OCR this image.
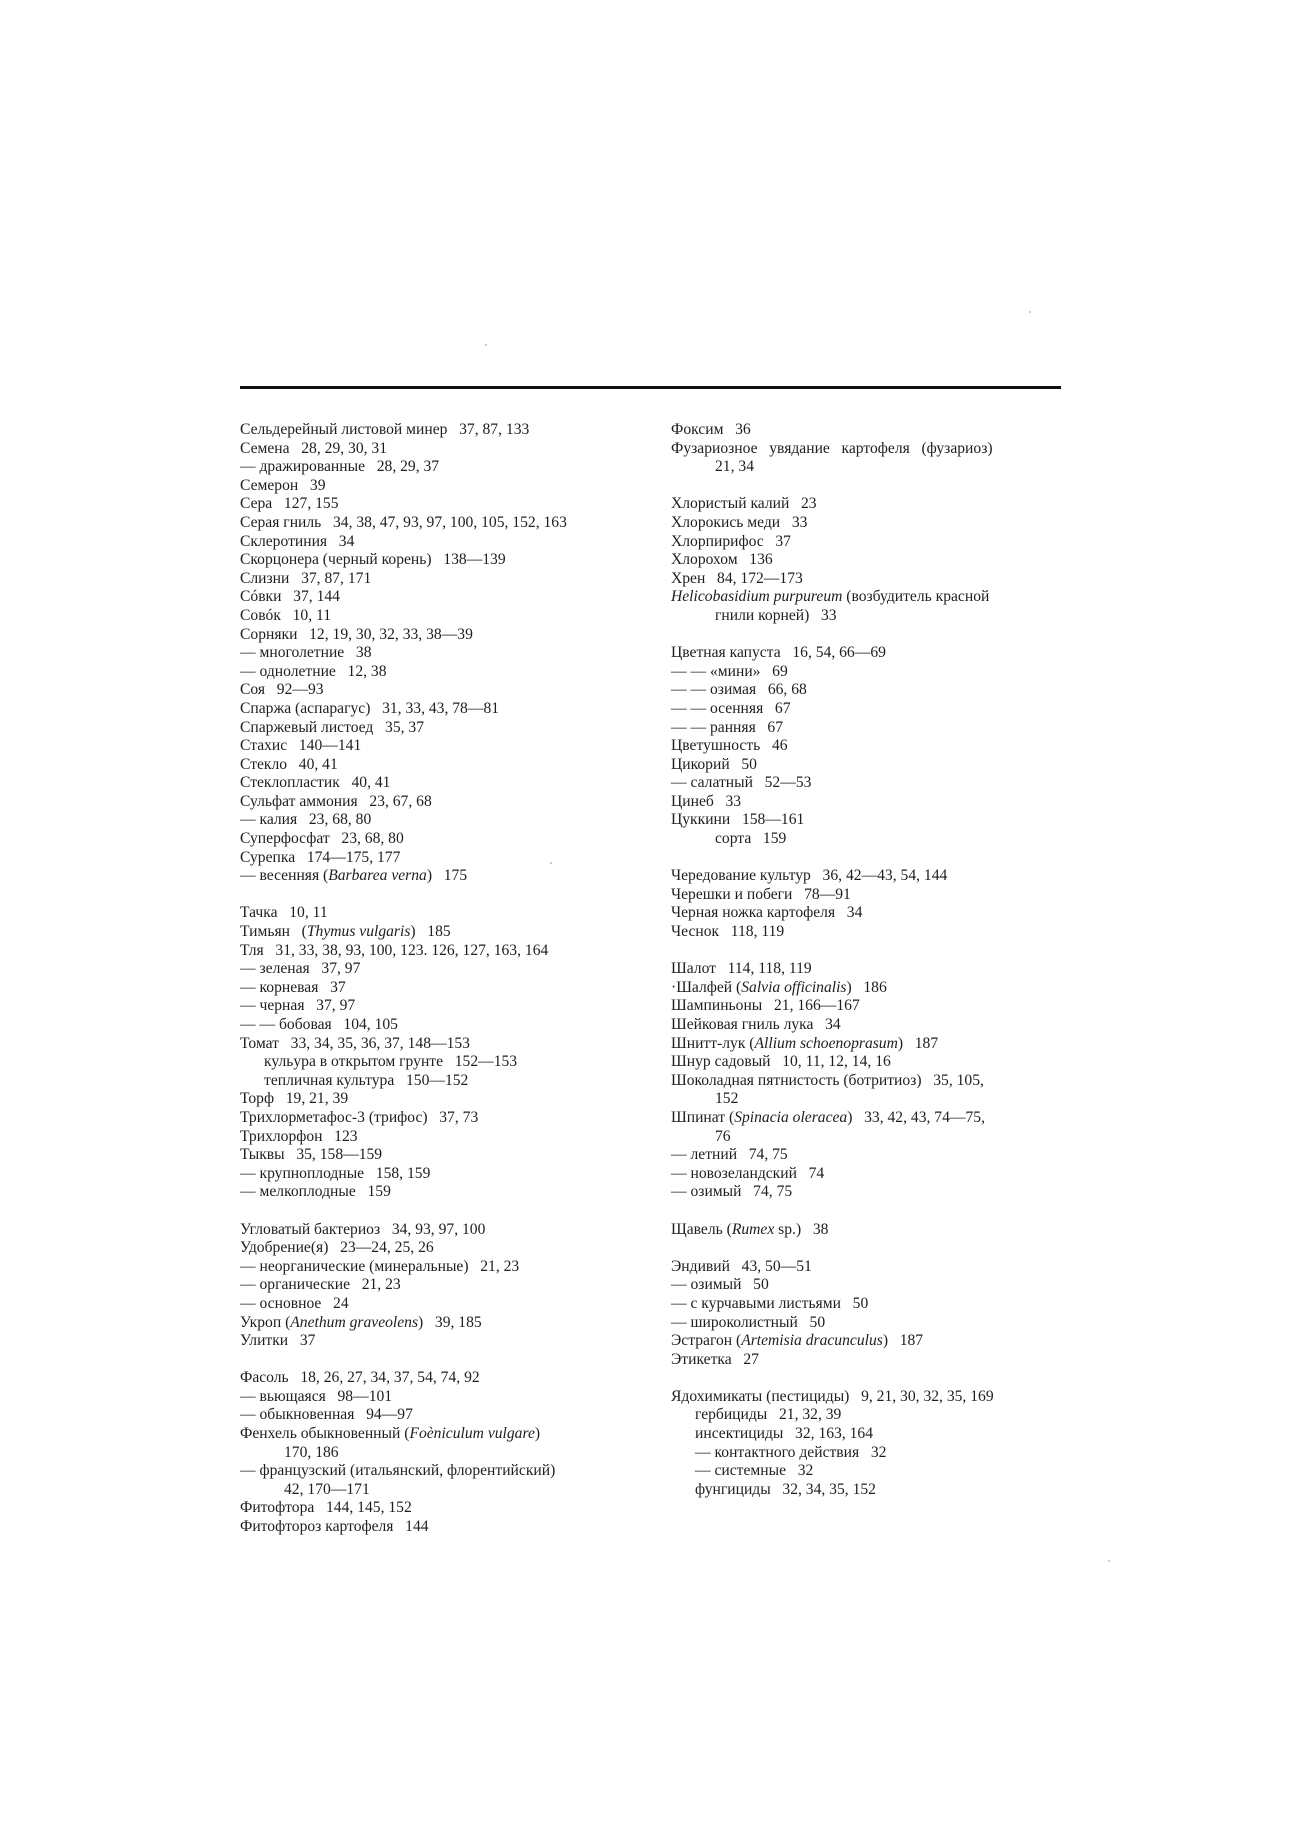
Сельдерейный листовой минер   37, 87, 133
Семена   28, 29, 30, 31
— дражированные   28, 29, 37
Семерон   39
Сера   127, 155
Серая гниль   34, 38, 47, 93, 97, 100, 105, 152, 163
Склеротиния   34
Скорцонера (черный корень)   138—139
Слизни   37, 87, 171
Сóвки   37, 144
Совóк   10, 11
Сорняки   12, 19, 30, 32, 33, 38—39
— многолетние   38
— однолетние   12, 38
Соя   92—93
Спаржа (аспарагус)   31, 33, 43, 78—81
Спаржевый листоед   35, 37
Стахис   140—141
Стекло   40, 41
Стеклопластик   40, 41
Сульфат аммония   23, 67, 68
— калия   23, 68, 80
Суперфосфат   23, 68, 80
Сурепка   174—175, 177
— весенняя (Barbarea verna)   175
Тачка   10, 11
Тимьян   (Thymus vulgaris)   185
Тля   31, 33, 38, 93, 100, 123. 126, 127, 163, 164
— зеленая   37, 97
— корневая   37
— черная   37, 97
— — бобовая   104, 105
Томат   33, 34, 35, 36, 37, 148—153
кульура в открытом грунте   152—153
тепличная культура   150—152
Торф   19, 21, 39
Трихлорметафос-3 (трифос)   37, 73
Трихлорфон   123
Тыквы   35, 158—159
— крупноплодные   158, 159
— мелкоплодные   159
Угловатый бактериоз   34, 93, 97, 100
Удобрение(я)   23—24, 25, 26
— неорганические (минеральные)   21, 23
— органические   21, 23
— основное   24
Укроп (Anethum graveolens)   39, 185
Улитки   37
Фасоль   18, 26, 27, 34, 37, 54, 74, 92
— вьющаяся   98—101
— обыкновенная   94—97
Фенхель обыкновенный (Foèniculum vulgare)
170, 186
— французский (итальянский, флорентийский)
42, 170—171
Фитофтора   144, 145, 152
Фитофтороз картофеля   144
Фоксим   36
Фузариозное   увядание   картофеля   (фузариоз)
21, 34
Хлористый калий   23
Хлорокись меди   33
Хлорпирифос   37
Хлорохом   136
Хрен   84, 172—173
Helicobasidium purpureum (возбудитель красной
гнили корней)   33
Цветная капуста   16, 54, 66—69
— — «мини»   69
— — озимая   66, 68
— — осенняя   67
— — ранняя   67
Цветушность   46
Цикорий   50
— салатный   52—53
Цинеб   33
Цуккини   158—161
сорта   159
Чередование культур   36, 42—43, 54, 144
Черешки и побеги   78—91
Черная ножка картофеля   34
Чеснок   118, 119
Шалот   114, 118, 119
·Шалфей (Salvia officinalis)   186
Шампиньоны   21, 166—167
Шейковая гниль лука   34
Шнитт-лук (Allium schoenoprasum)   187
Шнур садовый   10, 11, 12, 14, 16
Шоколадная пятнистость (ботритиоз)   35, 105,
152
Шпинат (Spinacia oleracea)   33, 42, 43, 74—75,
76
— летний   74, 75
— новозеландский   74
— озимый   74, 75
Щавель (Rumex sp.)   38
Эндивий   43, 50—51
— озимый   50
— с курчавыми листьями   50
— широколистный   50
Эстрагон (Artemisia dracunculus)   187
Этикетка   27
Ядохимикаты (пестициды)   9, 21, 30, 32, 35, 169
гербициды   21, 32, 39
инсектициды   32, 163, 164
— контактного действия   32
— системные   32
фунгициды   32, 34, 35, 152
